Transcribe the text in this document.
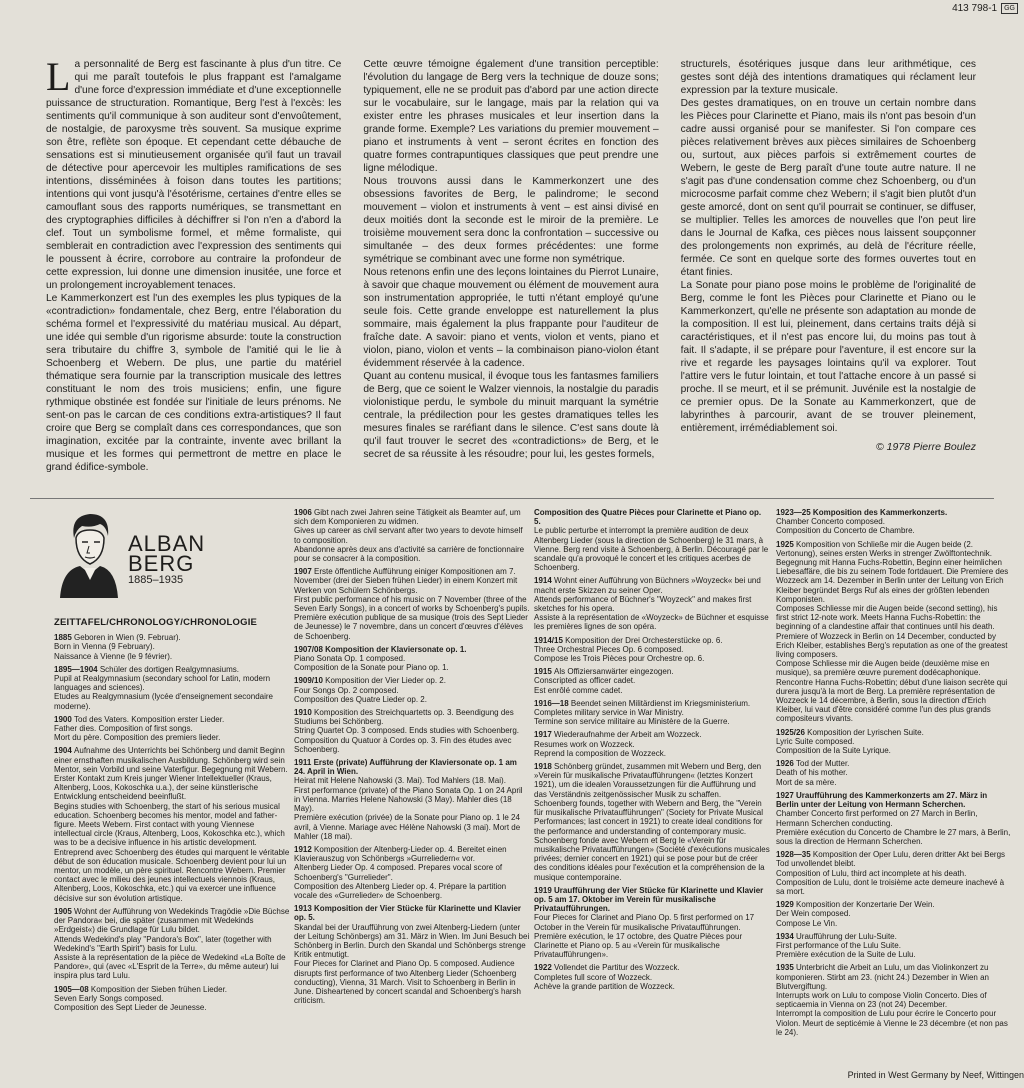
413 798-1	GG

La personnalité de Berg est fascinante à plus d'un titre. Ce qui me paraît toutefois le plus frappant est l'amalgame d'une force d'expression immédiate et d'une exceptionnelle puissance de structuration. Romantique, Berg l'est à l'excès: les sentiments qu'il communique à son auditeur sont d'envoûtement, de nostalgie, de paroxysme très souvent. Sa musique exprime son être, reflète son époque. Et cependant cette débauche de sensations est si minutieusement organisée qu'il faut un travail de détective pour apercevoir les multiples ramifications de ses intentions, disséminées à foison dans toutes les partitions; intentions qui vont jusqu'à l'ésotérisme, certaines d'entre elles se camouflant sous des rapports numériques, se transmettant en des cryptographies difficiles à déchiffrer si l'on n'en a d'abord la clef. Tout un symbolisme formel, et même formaliste, qui semblerait en contradiction avec l'expression des sentiments qui le poussent à écrire, corrobore au contraire la profondeur de cette expression, lui donne une dimension inusitée, une force et un prolongement incroyablement tenaces.

Le Kammerkonzert est l'un des exemples les plus typiques de la «contradiction» fondamentale, chez Berg, entre l'élaboration du schéma formel et l'expressivité du matériau musical. Au départ, une idée qui semble d'un rigorisme absurde: toute la construction sera tributaire du chiffre 3, symbole de l'amitié qui le lie à Schoenberg et Webern. De plus, une partie du matériel thématique sera fournie par la transcription musicale des lettres constituant le nom des trois musiciens; enfin, une figure rythmique obstinée est fondée sur l'initiale de leurs prénoms. Ne sent-on pas le carcan de ces conditions extra-artistiques? Il faut croire que Berg se complaît dans ces correspondances, que son imagination, excitée par la contrainte, invente avec brillant la musique et les formes qui permettront de mettre en place le grand édifice-symbole.

Cette œuvre témoigne également d'une transition perceptible: l'évolution du langage de Berg vers la technique de douze sons; typiquement, elle ne se produit pas d'abord par une action directe sur le vocabulaire, sur le langage, mais par la relation qui va exister entre les phrases musicales et leur insertion dans la grande forme. Exemple? Les variations du premier mouvement – piano et instruments à vent – seront écrites en fonction des quatre formes contrapuntiques classiques que peut prendre une ligne mélodique.

Nous trouvons aussi dans le Kammerkonzert une des obsessions favorites de Berg, le palindrome; le second mouvement – violon et instruments à vent – est ainsi divisé en deux moitiés dont la seconde est le miroir de la première. Le troisième mouvement sera donc la confrontation – successive ou simultanée – des deux formes précédentes: une forme symétrique se combinant avec une forme non symétrique.

Nous retenons enfin une des leçons lointaines du Pierrot Lunaire, à savoir que chaque mouvement ou élément de mouvement aura son instrumentation appropriée, le tutti n'étant employé qu'une seule fois. Cette grande enveloppe est naturellement la plus sommaire, mais également la plus frappante pour l'auditeur de fraîche date. A savoir: piano et vents, violon et vents, piano et violon, piano, violon et vents – la combinaison piano-violon étant évidemment réservée à la cadence.

Quant au contenu musical, il évoque tous les fantasmes familiers de Berg, que ce soient le Walzer viennois, la nostalgie du paradis violonistique perdu, le symbole du minuit marquant la symétrie centrale, la prédilection pour les gestes dramatiques telles les mesures finales se raréfiant dans le silence. C'est sans doute là qu'il faut trouver le secret des «contradictions» de Berg, et le secret de sa réussite à les résoudre; pour lui, les gestes formels,

structurels, ésotériques jusque dans leur arithmétique, ces gestes sont déjà des intentions dramatiques qui réclament leur expression par la texture musicale.

Des gestes dramatiques, on en trouve un certain nombre dans les Pièces pour Clarinette et Piano, mais ils n'ont pas besoin d'un cadre aussi organisé pour se manifester. Si l'on compare ces pièces relativement brèves aux pièces similaires de Schoenberg ou, surtout, aux pièces parfois si extrêmement courtes de Webern, le geste de Berg paraît d'une toute autre nature. Il ne s'agit pas d'une condensation comme chez Schoenberg, ou d'un microcosme parfait comme chez Webern; il s'agit bien plutôt d'un geste amorcé, dont on sent qu'il pourrait se continuer, se diffuser, se multiplier. Telles les amorces de nouvelles que l'on peut lire dans le Journal de Kafka, ces pièces nous laissent soupçonner des prolongements non exprimés, au delà de l'écriture réelle, fermée. Ce sont en quelque sorte des formes ouvertes tout en étant finies.

La Sonate pour piano pose moins le problème de l'originalité de Berg, comme le font les Pièces pour Clarinette et Piano ou le Kammerkonzert, qu'elle ne présente son adaptation au monde de la composition. Il est lui, pleinement, dans certains traits déjà si caractéristiques, et il n'est pas encore lui, du moins pas tout à fait. Il s'adapte, il se prépare pour l'aventure, il est encore sur la rive et regarde les paysages lointains qu'il va explorer. Tout l'attire vers le futur lointain, et tout l'attache encore à un passé si proche. Il se meurt, et il se prémunit. Juvénile est la nostalgie de ce premier opus. De la Sonate au Kammerkonzert, que de labyrinthes à parcourir, avant de se trouver pleinement, entièrement, irrémédiablement soi.

© 1978 Pierre Boulez
ALBAN
BERG
1885–1935
ZEITTAFEL/CHRONOLOGY/CHRONOLOGIE
1885 Geboren in Wien (9. Februar).
Born in Vienna (9 February).
Naissance à Vienne (le 9 février).
1895—1904 Schüler des dortigen Realgymnasiums.
Pupil at Realgymnasium (secondary school for Latin, modern languages and sciences).
Etudes au Realgymnasium (lycée d'enseignement secondaire moderne).
1900 Tod des Vaters. Komposition erster Lieder.
Father dies. Composition of first songs.
Mort du père. Composition des premiers lieder.
1904 Aufnahme des Unterrichts bei Schönberg und damit Beginn einer ernsthaften musikalischen Ausbildung. Schönberg wird sein Mentor, sein Vorbild und seine Vaterfigur. Begegnung mit Webern. Erster Kontakt zum Kreis junger Wiener Intellektueller (Kraus, Altenberg, Loos, Kokoschka u.a.), der seine künstlerische Entwicklung entscheidend beeinflußt.
Begins studies with Schoenberg, the start of his serious musical education. Schoenberg becomes his mentor, model and father-figure. Meets Webern. First contact with young Viennese intellectual circle (Kraus, Altenberg, Loos, Kokoschka etc.), which was to be a decisive influence in his artistic development.
Entreprend avec Schoenberg des études qui marquent le véritable début de son éducation musicale. Schoenberg devient pour lui un mentor, un modèle, un père spirituel. Rencontre Webern. Premier contact avec le milieu des jeunes intellectuels viennois (Kraus, Altenberg, Loos, Kokoschka, etc.) qui va exercer une influence décisive sur son évolution artistique.
1905 Wohnt der Aufführung von Wedekinds Tragödie »Die Büchse der Pandora« bei, die später (zusammen mit Wedekinds »Erdgeist«) die Grundlage für Lulu bildet.
Attends Wedekind's play "Pandora's Box", later (together with Wedekind's "Earth Spirit") basis for Lulu.
Assiste à la représentation de la pièce de Wedekind «La Boîte de Pandore», qui (avec «L'Esprit de la Terre», du même auteur) lui inspira plus tard Lulu.
1905—08 Komposition der Sieben frühen Lieder.
Seven Early Songs composed.
Composition des Sept Lieder de Jeunesse.
1906 Gibt nach zwei Jahren seine Tätigkeit als Beamter auf, um sich dem Komponieren zu widmen.
Gives up career as civil servant after two years to devote himself to composition.
Abandonne après deux ans d'activité sa carrière de fonctionnaire pour se consacrer à la composition.
1907 Erste öffentliche Aufführung einiger Kompositionen am 7. November (drei der Sieben frühen Lieder) in einem Konzert mit Werken von Schülern Schönbergs.
First public performance of his music on 7 November (three of the Seven Early Songs), in a concert of works by Schoenberg's pupils.
Première exécution publique de sa musique (trois des Sept Lieder de Jeunesse) le 7 novembre, dans un concert d'œuvres d'élèves de Schoenberg.
1907/08 Komposition der Klaviersonate op. 1.
Piano Sonata Op. 1 composed.
Composition de la Sonate pour Piano op. 1.
1909/10 Komposition der Vier Lieder op. 2.
Four Songs Op. 2 composed.
Composition des Quatre Lieder op. 2.
1910 Komposition des Streichquartetts op. 3. Beendigung des Studiums bei Schönberg.
String Quartet Op. 3 composed. Ends studies with Schoenberg.
Composition du Quatuor à Cordes op. 3. Fin des études avec Schoenberg.
1911 Erste (private) Aufführung der Klaviersonate op. 1 am 24. April in Wien.
Heirat mit Helene Nahowski (3. Mai). Tod Mahlers (18. Mai).
First performance (private) of the Piano Sonata Op. 1 on 24 April in Vienna. Marries Helene Nahowski (3 May). Mahler dies (18 May).
Première exécution (privée) de la Sonate pour Piano op. 1 le 24 avril, à Vienne. Mariage avec Hélène Nahowski (3 mai). Mort de Mahler (18 mai).
1912 Komposition der Altenberg-Lieder op. 4. Bereitet einen Klavierauszug von Schönbergs »Gurreliedern« vor.
Altenberg Lieder Op. 4 composed. Prepares vocal score of Schoenberg's "Gurrelieder".
Composition des Altenberg Lieder op. 4. Prépare la partition vocale des «Gurrelieder» de Schoenberg.
1913 Komposition der Vier Stücke für Klarinette und Klavier op. 5.
Skandal bei der Uraufführung von zwei Altenberg-Liedern (unter der Leitung Schönbergs) am 31. März in Wien. Im Juni Besuch bei Schönberg in Berlin. Durch den Skandal und Schönbergs strenge Kritik entmutigt.
Four Pieces for Clarinet and Piano Op. 5 composed. Audience disrupts first performance of two Altenberg Lieder (Schoenberg conducting), Vienna, 31 March. Visit to Schoenberg in Berlin in June. Disheartened by concert scandal and Schoenberg's harsh criticism.
Composition des Quatre Pièces pour Clarinette et Piano op. 5.
Le public perturbe et interrompt la première audition de deux Altenberg Lieder (sous la direction de Schoenberg) le 31 mars, à Vienne. Berg rend visite à Schoenberg, à Berlin. Découragé par le scandale qu'a provoqué le concert et les critiques acerbes de Schoenberg.
1914 Wohnt einer Aufführung von Büchners »Woyzeck« bei und macht erste Skizzen zu seiner Oper.
Attends performance of Büchner's "Woyzeck" and makes first sketches for his opera.
Assiste à la représentation de «Woyzeck» de Büchner et esquisse les premières lignes de son opéra.
1914/15 Komposition der Drei Orchesterstücke op. 6.
Three Orchestral Pieces Op. 6 composed.
Compose les Trois Pièces pour Orchestre op. 6.
1915 Als Offiziersanwärter eingezogen.
Conscripted as officer cadet.
Est enrôlé comme cadet.
1916—18 Beendet seinen Militärdienst im Kriegsministerium.
Completes military service in War Ministry.
Termine son service militaire au Ministère de la Guerre.
1917 Wiederaufnahme der Arbeit am Wozzeck.
Resumes work on Wozzeck.
Reprend la composition de Wozzeck.
1918 Schönberg gründet, zusammen mit Webern und Berg, den »Verein für musikalische Privataufführungen« (letztes Konzert 1921), um die idealen Voraussetzungen für die Aufführung und das Verständnis zeitgenössischer Musik zu schaffen.
Schoenberg founds, together with Webern and Berg, the "Verein für musikalische Privataufführungen" (Society for Private Musical Performances; last concert in 1921) to create ideal conditions for the performance and understanding of contemporary music.
Schoenberg fonde avec Webern et Berg le «Verein für musikalische Privataufführungen» (Société d'exécutions musicales privées; dernier concert en 1921) qui se pose pour but de créer des conditions idéales pour l'exécution et la compréhension de la musique contemporaine.
1919 Uraufführung der Vier Stücke für Klarinette und Klavier op. 5 am 17. Oktober im Verein für musikalische Privataufführungen.
Four Pieces for Clarinet and Piano Op. 5 first performed on 17 October in the Verein für musikalische Privataufführungen.
Première exécution, le 17 octobre, des Quatre Pièces pour Clarinette et Piano op. 5 au «Verein für musikalische Privataufführungen».
1922 Vollendet die Partitur des Wozzeck.
Completes full score of Wozzeck.
Achève la grande partition de Wozzeck.
1923—25 Komposition des Kammerkonzerts.
Chamber Concerto composed.
Composition du Concerto de Chambre.
1925 Komposition von Schließe mir die Augen beide (2. Vertonung), seines ersten Werks in strenger Zwölftontechnik. Begegnung mit Hanna Fuchs-Robettin, Beginn einer heimlichen Liebesaffäre, die bis zu seinem Tode fortdauert. Die Premiere des Wozzeck am 14. Dezember in Berlin unter der Leitung von Erich Kleiber begründet Bergs Ruf als eines der größten lebenden Komponisten.
Composes Schliesse mir die Augen beide (second setting), his first strict 12-note work. Meets Hanna Fuchs-Robettin: the beginning of a clandestine affair that continues until his death. Premiere of Wozzeck in Berlin on 14 December, conducted by Erich Kleiber, establishes Berg's reputation as one of the greatest living composers.
Compose Schliesse mir die Augen beide (deuxième mise en musique), sa première œuvre purement dodécaphonique. Rencontre Hanna Fuchs-Robettin; début d'une liaison secrète qui durera jusqu'à la mort de Berg. La première représentation de Wozzeck le 14 décembre, à Berlin, sous la direction d'Erich Kleiber, lui vaut d'être considéré comme l'un des plus grands compositeurs vivants.
1925/26 Komposition der Lyrischen Suite.
Lyric Suite composed.
Composition de la Suite Lyrique.
1926 Tod der Mutter.
Death of his mother.
Mort de sa mère.
1927 Uraufführung des Kammerkonzerts am 27. März in Berlin unter der Leitung von Hermann Scherchen.
Chamber Concerto first performed on 27 March in Berlin, Hermann Scherchen conducting.
Première exécution du Concerto de Chambre le 27 mars, à Berlin, sous la direction de Hermann Scherchen.
1928—35 Komposition der Oper Lulu, deren dritter Akt bei Bergs Tod unvollendet bleibt.
Composition of Lulu, third act incomplete at his death.
Composition de Lulu, dont le troisième acte demeure inachevé à sa mort.
1929 Komposition der Konzertarie Der Wein.
Der Wein composed.
Compose Le Vin.
1934 Uraufführung der Lulu-Suite.
First performance of the Lulu Suite.
Première exécution de la Suite de Lulu.
1935 Unterbricht die Arbeit an Lulu, um das Violinkonzert zu komponieren. Stirbt am 23. (nicht 24.) Dezember in Wien an Blutvergiftung.
Interrupts work on Lulu to compose Violin Concerto. Dies of septicaemia in Vienna on 23 (not 24) December.
Interrompt la composition de Lulu pour écrire le Concerto pour Violon. Meurt de septicémie à Vienne le 23 décembre (et non pas le 24).
Printed in West Germany by Neef, Wittingen
